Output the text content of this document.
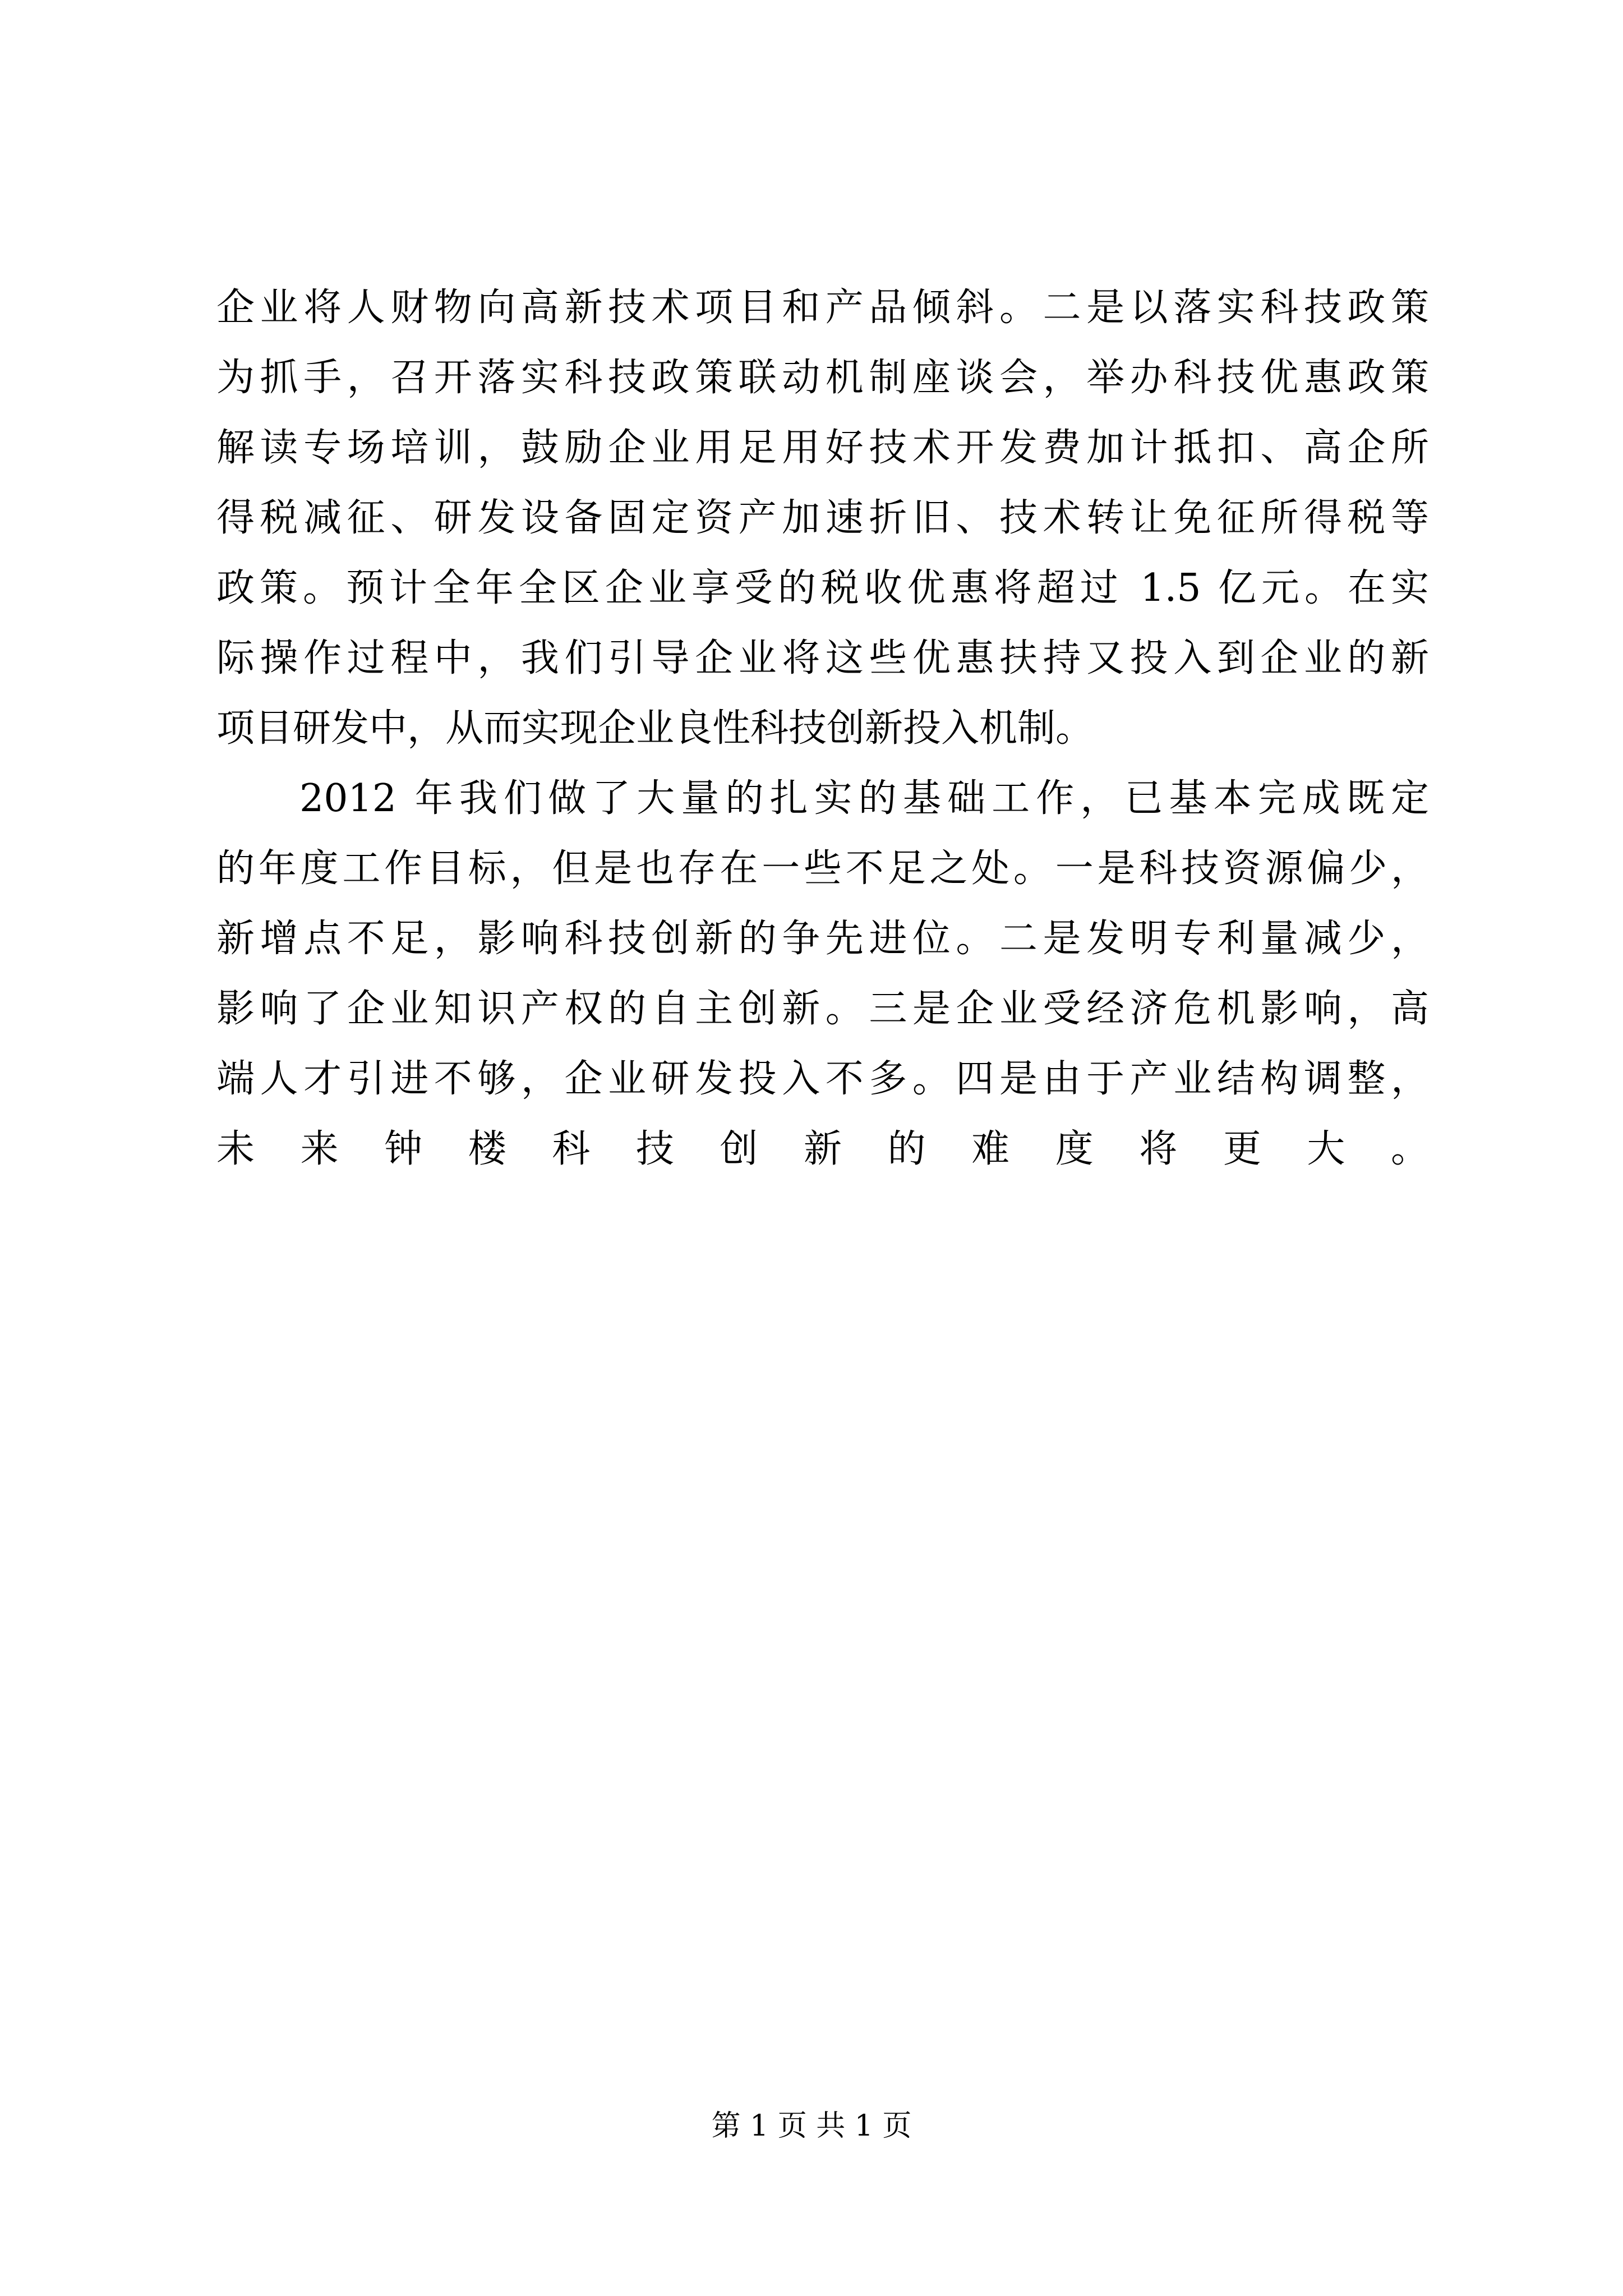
企业将人财物向高新技术项目和产品倾斜。二是以落实科技政策
为抓手，召开落实科技政策联动机制座谈会，举办科技优惠政策
解读专场培训，鼓励企业用足用好技术开发费加计抵扣、高企所
得税减征、研发设备固定资产加速折旧、技术转让免征所得税等
政策。预计全年全区企业享受的税收优惠将超过 1.5 亿元。在实
际操作过程中，我们引导企业将这些优惠扶持又投入到企业的新
项目研发中，从而实现企业良性科技创新投入机制。
2012 年我们做了大量的扎实的基础工作，已基本完成既定
的年度工作目标，但是也存在一些不足之处。一是科技资源偏少，
新增点不足，影响科技创新的争先进位。二是发明专利量减少，
影响了企业知识产权的自主创新。三是企业受经济危机影响，高
端人才引进不够，企业研发投入不多。四是由于产业结构调整，
未来钟楼科技创新的难度将更大。
第 1 页 共 1 页
